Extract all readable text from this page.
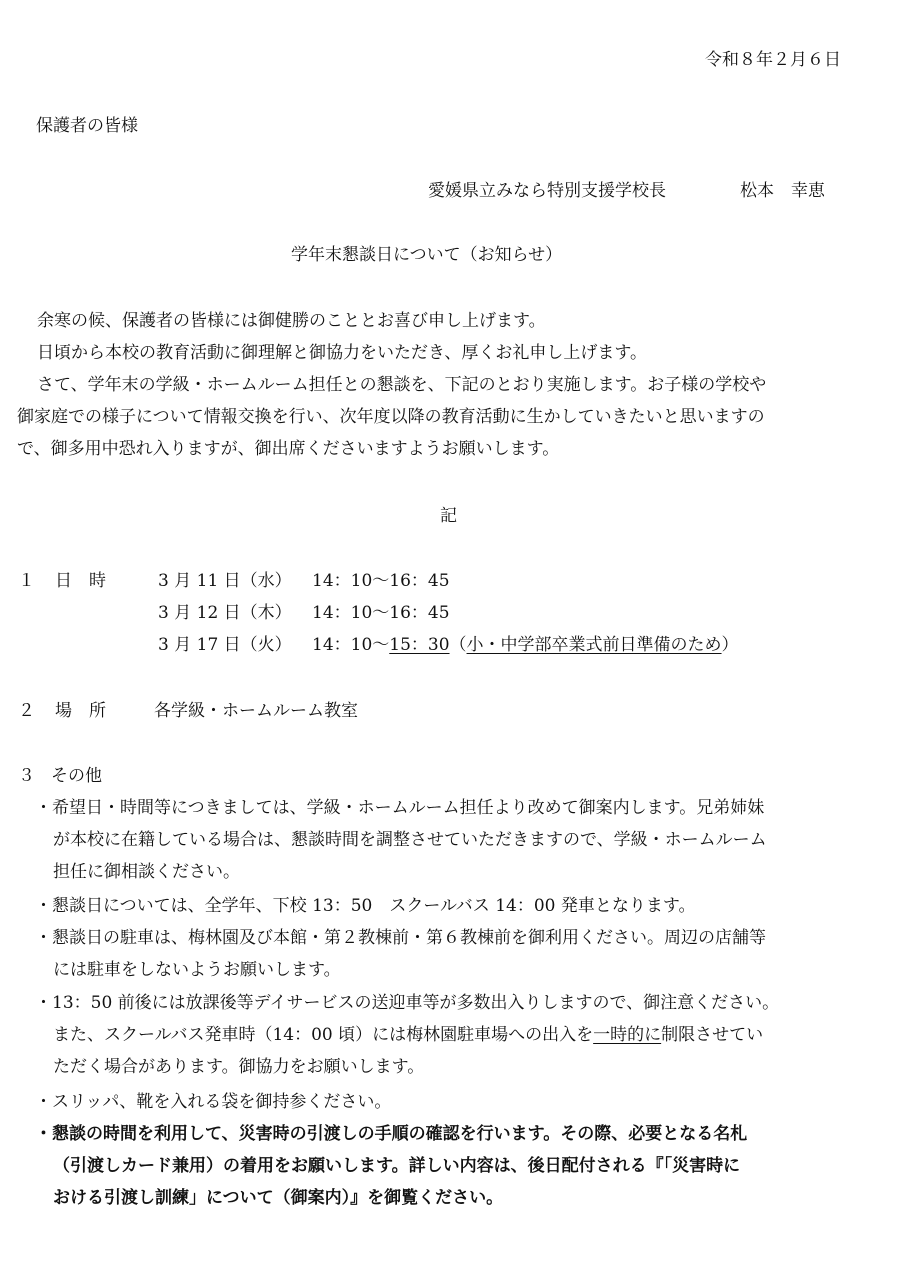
令和８年２月６日
保護者の皆様
愛媛県立みなら特別支援学校長	松本　幸恵
学年末懇談日について（お知らせ）
余寒の候、保護者の皆様には御健勝のこととお喜び申し上げます。
日頃から本校の教育活動に御理解と御協力をいただき、厚くお礼申し上げます。
さて、学年末の学級・ホームルーム担任との懇談を、下記のとおり実施します。お子様の学校や
御家庭での様子について情報交換を行い、次年度以降の教育活動に生かしていきたいと思いますの
で、御多用中恐れ入りますが、御出席くださいますようお願いします。
記
１ 日　時	3 月 11 日（水） 14：10〜16：45
3 月 12 日（木） 14：10〜16：45
3 月 17 日（火） 14：10〜15：30（小・中学部卒業式前日準備のため）
２ 場　所	各学級・ホームルーム教室
３ その他
・希望日・時間等につきましては、学級・ホームルーム担任より改めて御案内します。兄弟姉妹
が本校に在籍している場合は、懇談時間を調整させていただきますので、学級・ホームルーム
担任に御相談ください。
・懇談日については、全学年、下校 13：50　スクールバス 14：00 発車となります。
・懇談日の駐車は、梅林園及び本館・第２教棟前・第６教棟前を御利用ください。周辺の店舗等
には駐車をしないようお願いします。
・13：50 前後には放課後等デイサービスの送迎車等が多数出入りしますので、御注意ください。
また、スクールバス発車時（14：00 頃）には梅林園駐車場への出入を一時的に制限させてい
ただく場合があります。御協力をお願いします。
・スリッパ、靴を入れる袋を御持参ください。
・懇談の時間を利用して、災害時の引渡しの手順の確認を行います。その際、必要となる名札
（引渡しカード兼用）の着用をお願いします。詳しい内容は、後日配付される『「災害時に
おける引渡し訓練」について（御案内）』を御覧ください。
